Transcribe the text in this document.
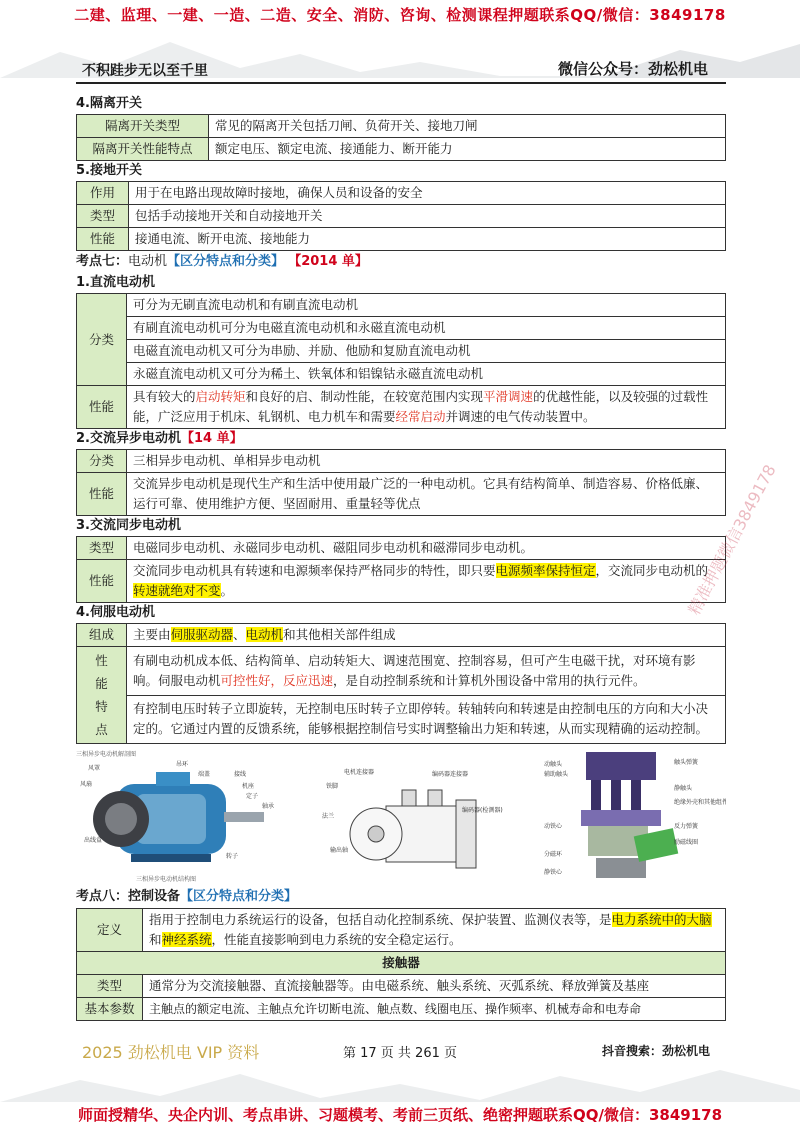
二建、监理、一建、一造、二造、安全、消防、咨询、检测课程押题联系QQ/微信：3849178
不积跬步无以至千里	微信公众号：劲松机电
4.隔离开关
隔离开关类型	常见的隔离开关包括刀闸、负荷开关、接地刀闸
隔离开关性能特点	额定电压、额定电流、接通能力、断开能力
5.接地开关
作用	用于在电路出现故障时接地，确保人员和设备的安全
类型	包括手动接地开关和自动接地开关
性能	接通电流、断开电流、接地能力
考点七：电动机【区分特点和分类】 【2014 单】
1.直流电动机
分类	可分为无刷直流电动机和有刷直流电动机
	有刷直流电动机可分为电磁直流电动机和永磁直流电动机
	电磁直流电动机又可分为串励、并励、他励和复励直流电动机
	永磁直流电动机又可分为稀土、铁氧体和铝镍钴永磁直流电动机
性能	具有较大的启动转矩和良好的启、制动性能，在较宽范围内实现平滑调速的优越性能，以及较强的过载性能，广泛应用于机床、轧钢机、电力机车和需要经常启动并调速的电气传动装置中。
2.交流异步电动机【14 单】
分类	三相异步电动机、单相异步电动机
性能	交流异步电动机是现代生产和生活中使用最广泛的一种电动机。它具有结构简单、制造容易、价格低廉、运行可靠、使用维护方便、坚固耐用、重量轻等优点
3.交流同步电动机
类型	电磁同步电动机、永磁同步电动机、磁阻同步电动机和磁滞同步电动机。
性能	交流同步电动机具有转速和电源频率保持严格同步的特性，即只要电源频率保持恒定，交流同步电动机的转速就绝对不变。
4.伺服电动机
组成	主要由伺服驱动器、电动机和其他相关部件组成
性能特点	有刷电动机成本低、结构简单、启动转矩大、调速范围宽、控制容易，但可产生电磁干扰，对环境有影响。伺服电动机可控性好，反应迅速，是自动控制系统和计算机外围设备中常用的执行元件。
	有控制电压时转子立即旋转，无控制电压时转子立即停转。转轴转向和转速是由控制电压的方向和大小决定的。它通过内置的反馈系统，能够根据控制信号实时调整输出力矩和转速，从而实现精确的运动控制。
三相异步电动机解剖图
三相异步电动机结构图
风罩
风扇
端盖	接线
机座
定子
转子
轴承
出线盒
吊环
电机连接器	编码器连接器
铁脚
法兰
编码器(检测器)
输出轴
动触头
辅助触头
触头弹簧
静触头
绝缘外壳和其他组件
反力弹簧
动铁心
励磁线圈
分磁环
静铁心
考点八：控制设备【区分特点和分类】
定义	指用于控制电力系统运行的设备，包括自动化控制系统、保护装置、监测仪表等，是电力系统中的大脑和神经系统，性能直接影响到电力系统的安全稳定运行。
接触器	
类型	通常分为交流接触器、直流接触器等。由电磁系统、触头系统、灭弧系统、释放弹簧及基座
基本参数	主触点的额定电流、主触点允许切断电流、触点数、线圈电压、操作频率、机械寿命和电寿命
精准押题微信3849178
2025 劲松机电 VIP 资料	第 17 页 共 261 页	抖音搜索：劲松机电
师面授精华、央企内训、考点串讲、习题模考、考前三页纸、绝密押题联系QQ/微信：3849178
